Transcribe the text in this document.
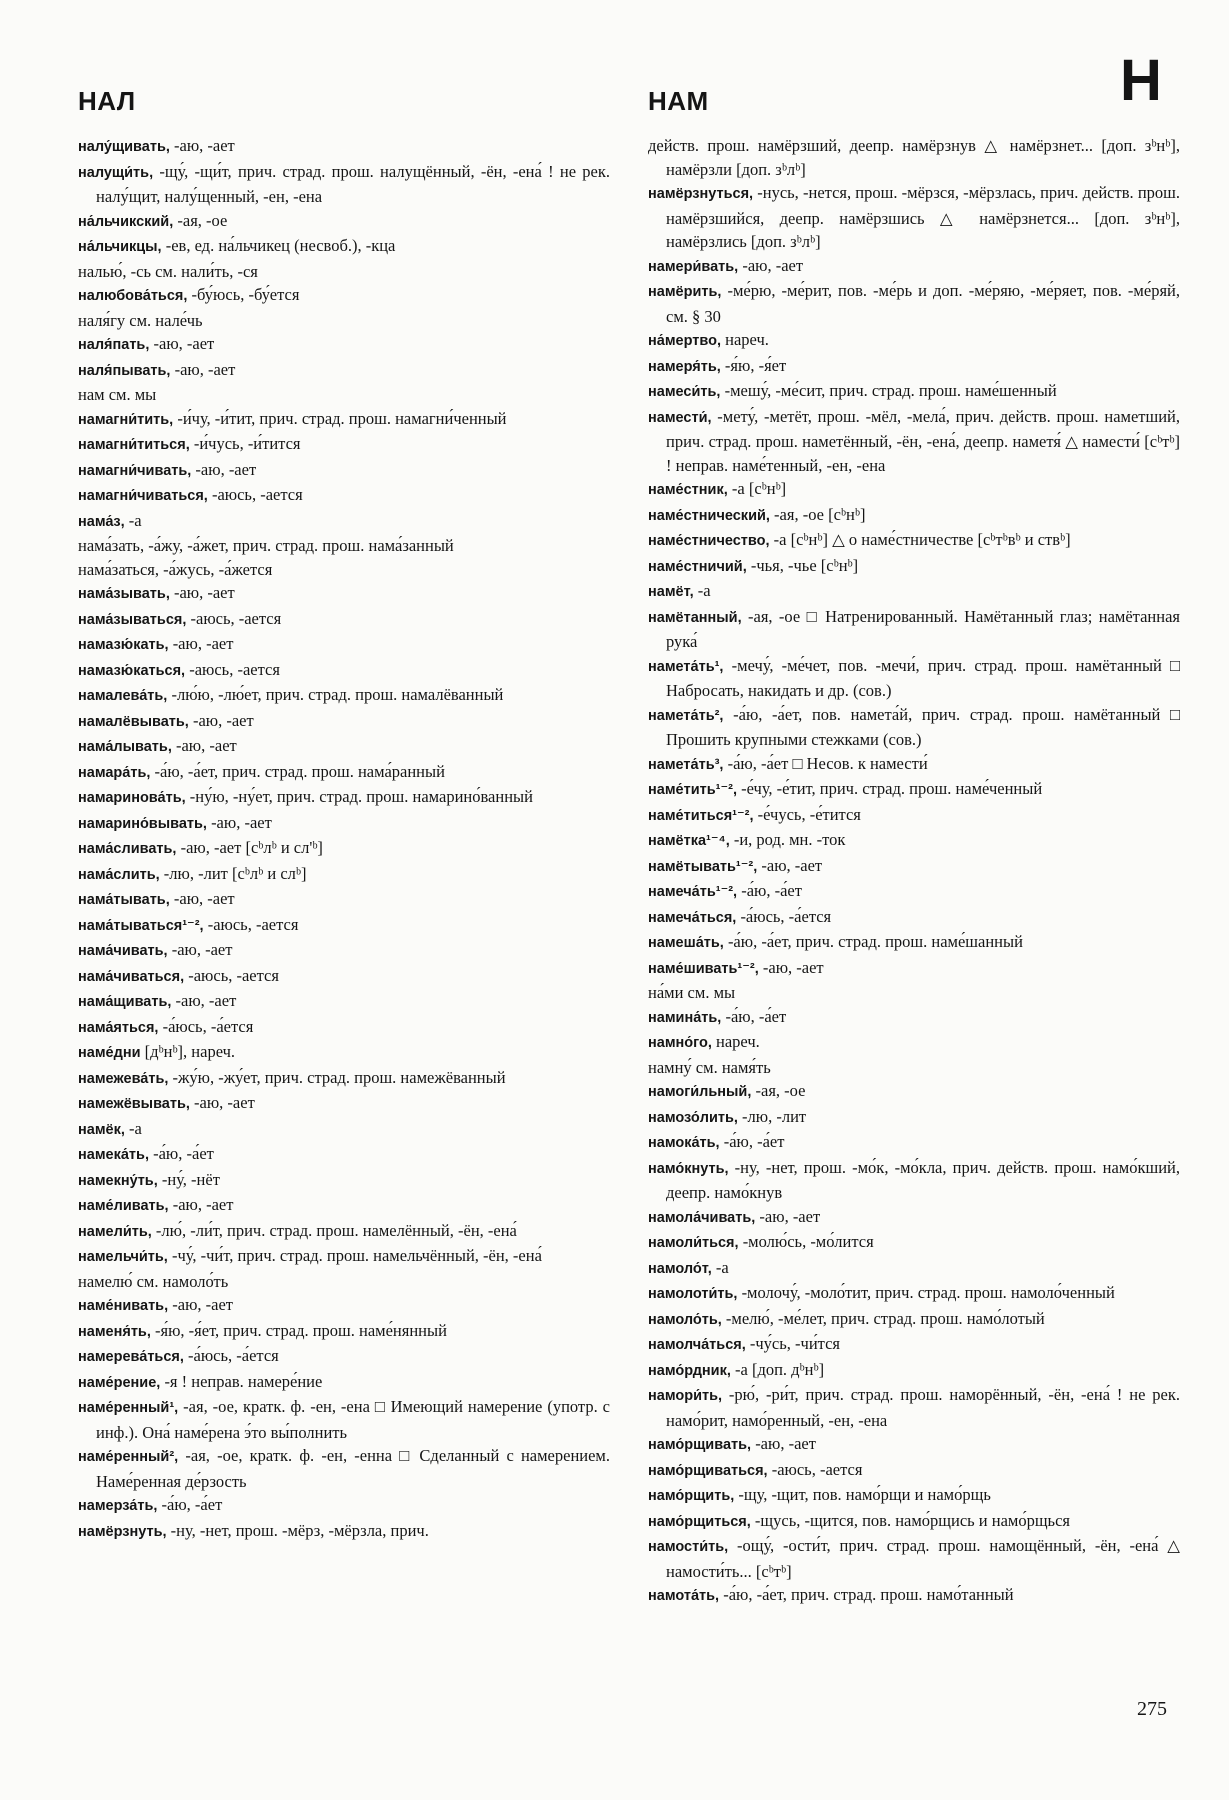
НАЛ	НАМ	Н

налу́щивать, -аю, -ает

налущи́ть, -щу́, -щи́т, прич. страд. прош. налущённый, -ён, -ена́ ! не рек. налу́щит, налу́щенный, -ен, -ена

на́льчикский, -ая, -ое

на́льчикцы, -ев, ед. на́льчикец (несвоб.), -кца

налью́, -сь см. нали́ть, -ся

налюбова́ться, -бу́юсь, -бу́ется

наля́гу см. нале́чь

наля́пать, -аю, -ает

наля́пывать, -аю, -ает

нам см. мы

намагни́тить, -и́чу, -и́тит, прич. страд. прош. намагни́ченный

намагни́титься, -и́чусь, -и́тится

намагни́чивать, -аю, -ает

намагни́чиваться, -аюсь, -ается

нама́з, -а

нама́зать, -а́жу, -а́жет, прич. страд. прош. нама́занный

нама́заться, -а́жусь, -а́жется

нама́зывать, -аю, -ает

нама́зываться, -аюсь, -ается

намазю́кать, -аю, -ает

намазю́каться, -аюсь, -ается

намалева́ть, -лю́ю, -лю́ет, прич. страд. прош. намалёванный

намалёвывать, -аю, -ает

нама́лывать, -аю, -ает

намара́ть, -а́ю, -а́ет, прич. страд. прош. нама́ранный

намаринова́ть, -ну́ю, -ну́ет, прич. страд. прош. намарино́ванный

намарино́вывать, -аю, -ает

нама́сливать, -аю, -ает [сᵇлᵇ и сл'ᵇ]

нама́слить, -лю, -лит [сᵇлᵇ и слᵇ]

нама́тывать, -аю, -ает

нама́тываться¹⁻², -аюсь, -ается

нама́чивать, -аю, -ает

нама́чиваться, -аюсь, -ается

нама́щивать, -аю, -ает

нама́яться, -а́юсь, -а́ется

наме́дни [дᵇнᵇ], нареч.

намежева́ть, -жу́ю, -жу́ет, прич. страд. прош. намежёванный

намежёвывать, -аю, -ает

намёк, -а

намека́ть, -а́ю, -а́ет

намекну́ть, -ну́, -нёт

наме́ливать, -аю, -ает

намели́ть, -лю́, -ли́т, прич. страд. прош. намелённый, -ён, -ена́

намельчи́ть, -чу́, -чи́т, прич. страд. прош. намельчённый, -ён, -ена́

намелю́ см. намоло́ть

наме́нивать, -аю, -ает

наменя́ть, -я́ю, -я́ет, прич. страд. прош. наме́нянный

намерева́ться, -а́юсь, -а́ется

наме́рение, -я ! неправ. намере́ние

наме́ренный¹, -ая, -ое, кратк. ф. -ен, -ена □ Имеющий намерение (употр. с инф.). Она́ наме́рена э́то вы́полнить

наме́ренный², -ая, -ое, кратк. ф. -ен, -енна □ Сделанный с намерением. Наме́ренная де́рзость

намерза́ть, -а́ю, -а́ет

намёрзнуть, -ну, -нет, прош. -мёрз, -мёрзла, прич.

действ. прош. намёрзший, деепр. намёрзнув △ намёрзнет... [доп. зᵇнᵇ], намёрзли [доп. зᵇлᵇ]

намёрзнуться, -нусь, -нется, прош. -мёрзся, -мёрзлась, прич. действ. прош. намёрзшийся, деепр. намёрзшись △ намёрзнется... [доп. зᵇнᵇ], намёрзлись [доп. зᵇлᵇ]

намери́вать, -аю, -ает

намёрить, -ме́рю, -ме́рит, пов. -ме́рь и доп. -ме́ряю, -ме́ряет, пов. -ме́ряй, см. § 30

на́мертво, нареч.

намеря́ть, -я́ю, -я́ет

намеси́ть, -мешу́, -ме́сит, прич. страд. прош. наме́шенный

намести́, -мету́, -метёт, прош. -мёл, -мела́, прич. действ. прош. наметший, прич. страд. прош. наметённый, -ён, -ена́, деепр. наметя́ △ намести́ [сᵇтᵇ] ! неправ. наме́тенный, -ен, -ена

наме́стник, -а [сᵇнᵇ]

наме́стнический, -ая, -ое [сᵇнᵇ]

наме́стничество, -а [сᵇнᵇ] △ о наме́стничестве [сᵇтᵇвᵇ и ствᵇ]

наме́стничий, -чья, -чье [сᵇнᵇ]

намёт, -а

намётанный, -ая, -ое □ Натренированный. Намётанный глаз; намётанная рука́

намета́ть¹, -мечу́, -ме́чет, пов. -мечи́, прич. страд. прош. намётанный □ Набросать, накидать и др. (сов.)

намета́ть², -а́ю, -а́ет, пов. намета́й, прич. страд. прош. намётанный □ Прошить крупными стежками (сов.)

намета́ть³, -а́ю, -а́ет □ Несов. к намести́

наме́тить¹⁻², -е́чу, -е́тит, прич. страд. прош. наме́ченный

наме́титься¹⁻², -е́чусь, -е́тится

намётка¹⁻⁴, -и, род. мн. -ток

намётывать¹⁻², -аю, -ает

намеча́ть¹⁻², -а́ю, -а́ет

намеча́ться, -а́юсь, -а́ется

намеша́ть, -а́ю, -а́ет, прич. страд. прош. наме́шанный

наме́шивать¹⁻², -аю, -ает

на́ми см. мы

намина́ть, -а́ю, -а́ет

намно́го, нареч.

намну́ см. намя́ть

намоги́льный, -ая, -ое

намозо́лить, -лю, -лит

намока́ть, -а́ю, -а́ет

намо́кнуть, -ну, -нет, прош. -мо́к, -мо́кла, прич. действ. прош. намо́кший, деепр. намо́кнув

намола́чивать, -аю, -ает

намоли́ться, -молю́сь, -мо́лится

намоло́т, -а

намолоти́ть, -молочу́, -моло́тит, прич. страд. прош. намоло́ченный

намоло́ть, -мелю́, -ме́лет, прич. страд. прош. намо́лотый

намолча́ться, -чу́сь, -чи́тся

намо́рдник, -а [доп. дᵇнᵇ]

намори́ть, -рю́, -ри́т, прич. страд. прош. наморённый, -ён, -ена́ ! не рек. намо́рит, намо́ренный, -ен, -ена

намо́рщивать, -аю, -ает

намо́рщиваться, -аюсь, -ается

намо́рщить, -щу, -щит, пов. намо́рщи и намо́рщь

намо́рщиться, -щусь, -щится, пов. намо́рщись и намо́рщься

намости́ть, -ощу́, -ости́т, прич. страд. прош. намощённый, -ён, -ена́ △ намости́ть... [сᵇтᵇ]

намота́ть, -а́ю, -а́ет, прич. страд. прош. намо́танный

275
